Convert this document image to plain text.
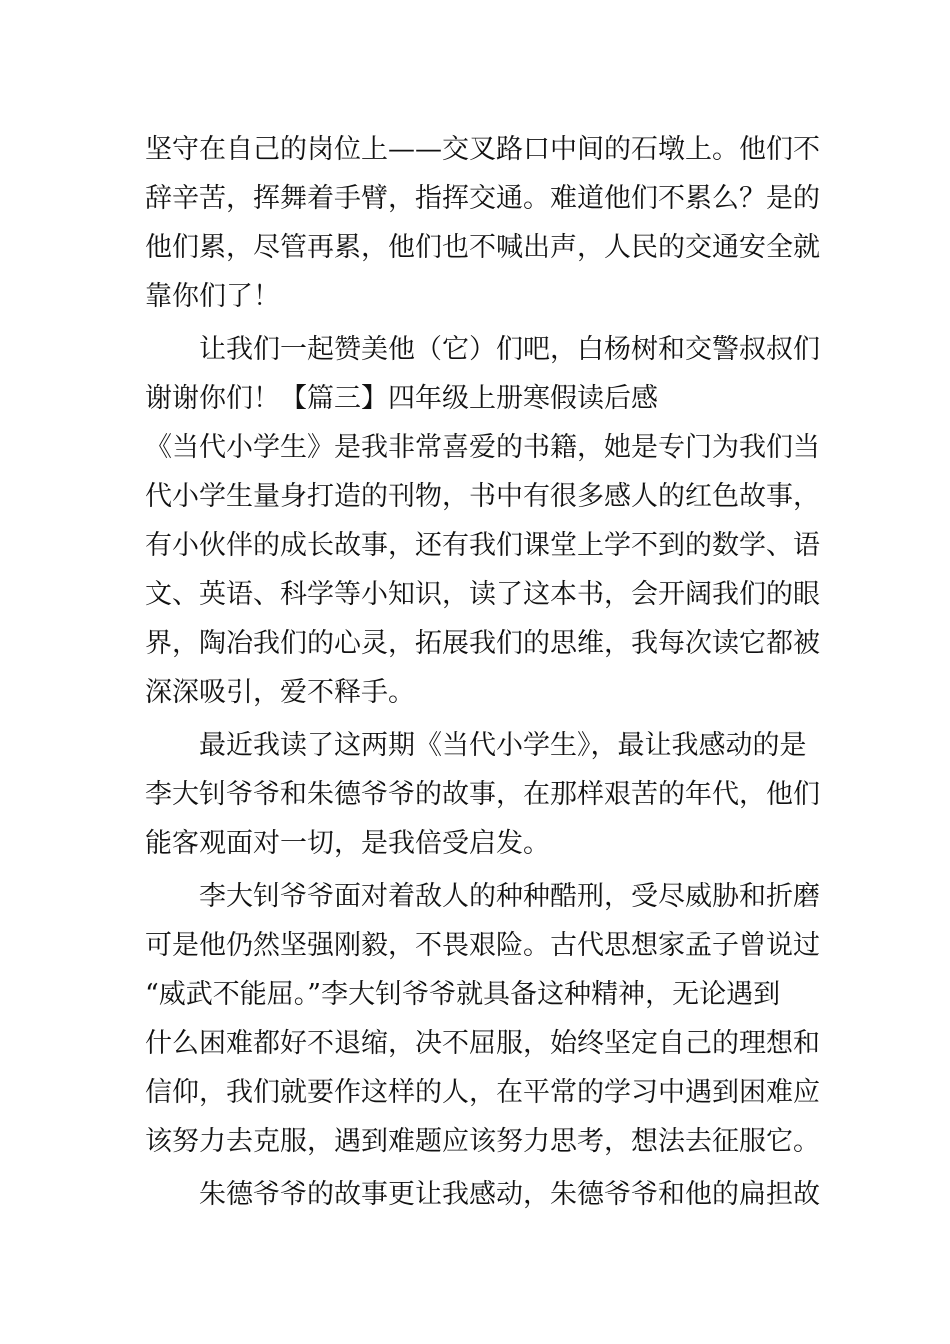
坚守在自己的岗位上——交叉路口中间的石墩上。他们不
辞辛苦，挥舞着手臂，指挥交通。难道他们不累么？是的
他们累，尽管再累，他们也不喊出声，人民的交通安全就
靠你们了！
让我们一起赞美他（它）们吧，白杨树和交警叔叔们
谢谢你们！【篇三】四年级上册寒假读后感
《当代小学生》是我非常喜爱的书籍，她是专门为我们当
代小学生量身打造的刊物，书中有很多感人的红色故事，
有小伙伴的成长故事，还有我们课堂上学不到的数学、语
文、英语、科学等小知识，读了这本书，会开阔我们的眼
界，陶冶我们的心灵，拓展我们的思维，我每次读它都被
深深吸引，爱不释手。
最近我读了这两期《当代小学生》，最让我感动的是
李大钊爷爷和朱德爷爷的故事，在那样艰苦的年代，他们
能客观面对一切，是我倍受启发。
李大钊爷爷面对着敌人的种种酷刑，受尽威胁和折磨
可是他仍然坚强刚毅，不畏艰险。古代思想家孟子曾说过
“威武不能屈。”李大钊爷爷就具备这种精神，无论遇到
什么困难都好不退缩，决不屈服，始终坚定自己的理想和
信仰，我们就要作这样的人，在平常的学习中遇到困难应
该努力去克服，遇到难题应该努力思考，想法去征服它。
朱德爷爷的故事更让我感动，朱德爷爷和他的扁担故
